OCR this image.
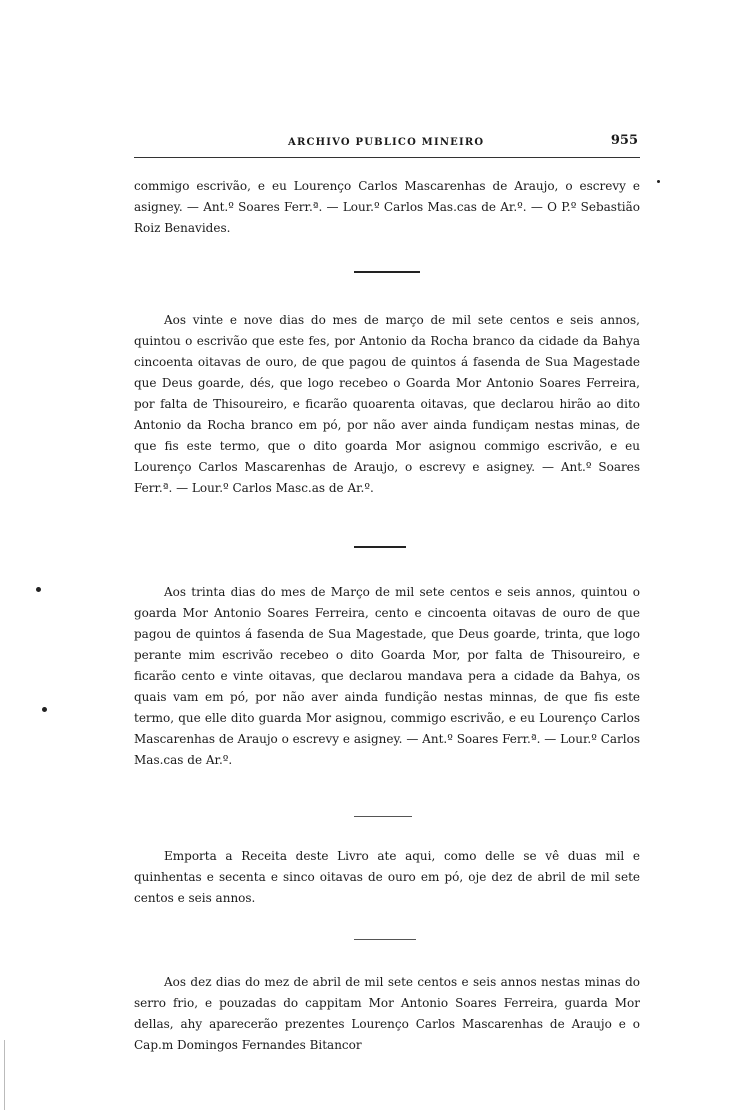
ARCHIVO PUBLICO MINEIRO	955

commigo escrivão, e eu Lourenço Carlos Mascarenhas de Araujo, o escrevy e asigney. — Ant.º Soares Ferr.ª. — Lour.º Carlos Mas.cas de Ar.º. — O P.º Sebastião Roiz Benavides.

Aos vinte e nove dias do mes de março de mil sete centos e seis annos, quintou o escrivão que este fes, por Antonio da Rocha branco da cidade da Bahya cincoenta oitavas de ouro, de que pagou de quintos á fasenda de Sua Magestade que Deus goarde, dés, que logo recebeo o Goarda Mor Antonio Soares Ferreira, por falta de Thisoureiro, e ficarão quoarenta oitavas, que declarou hirão ao dito Antonio da Rocha branco em pó, por não aver ainda fundiçam nestas minas, de que fis este termo, que o dito goarda Mor asignou commigo escrivão, e eu Lourenço Carlos Mascarenhas de Araujo, o escrevy e asigney. — Ant.º Soares Ferr.ª. — Lour.º Carlos Masc.as de Ar.º.

Aos trinta dias do mes de Março de mil sete centos e seis annos, quintou o goarda Mor Antonio Soares Ferreira, cento e cincoenta oitavas de ouro de que pagou de quintos á fasenda de Sua Magestade, que Deus goarde, trinta, que logo perante mim escrivão recebeo o dito Goarda Mor, por falta de Thisoureiro, e ficarão cento e vinte oitavas, que declarou mandava pera a cidade da Bahya, os quais vam em pó, por não aver ainda fundição nestas minnas, de que fis este termo, que elle dito guarda Mor asignou, commigo escrivão, e eu Lourenço Carlos Mascarenhas de Araujo o escrevy e asigney. — Ant.º Soares Ferr.ª. — Lour.º Carlos Mas.cas de Ar.º.

Emporta a Receita deste Livro ate aqui, como delle se vê duas mil e quinhentas e secenta e sinco oitavas de ouro em pó, oje dez de abril de mil sete centos e seis annos.

Aos dez dias do mez de abril de mil sete centos e seis annos nestas minas do serro frio, e pouzadas do cappitam Mor Antonio Soares Ferreira, guarda Mor dellas, ahy aparecerão prezentes Lourenço Carlos Mascarenhas de Araujo e o Cap.m Domingos Fernandes Bitancor
